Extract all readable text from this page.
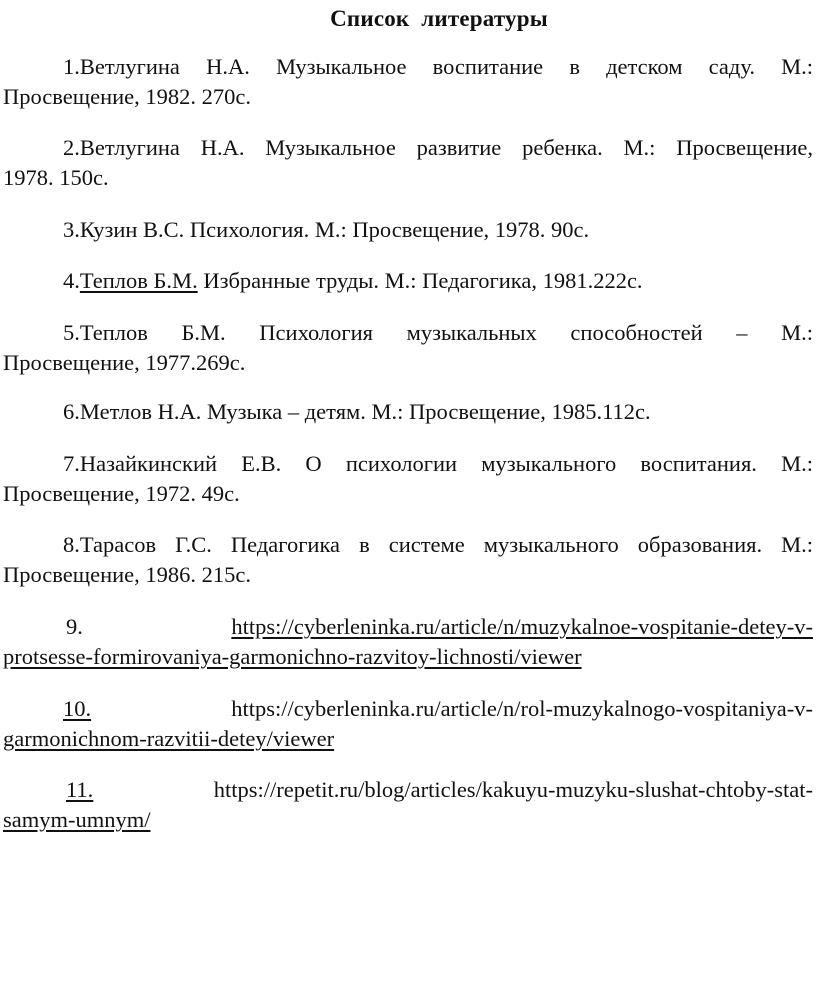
Список  литературы
1.Ветлугина Н.А. Музыкальное воспитание в детском саду. М.:
Просвещение, 1982. 270с.
2.Ветлугина Н.А. Музыкальное развитие ребенка. М.: Просвещение,
1978. 150с.
3.Кузин В.С. Психология. М.: Просвещение, 1978. 90с.
4.Теплов Б.М. Избранные труды. М.: Педагогика, 1981.222с.
5.Теплов Б.М. Психология музыкальных способностей – М.:
Просвещение, 1977.269с.
6.Метлов Н.А. Музыка – детям. М.: Просвещение, 1985.112с.
7.Назайкинский Е.В. О психологии музыкального воспитания. М.:
Просвещение, 1972. 49с.
8.Тарасов Г.С. Педагогика в системе музыкального образования. М.:
Просвещение, 1986. 215с.
9.	https://cyberleninka.ru/article/n/muzykalnoe-vospitanie-detey-v-
protsesse-formirovaniya-garmonichno-razvitoy-lichnosti/viewer
10.	https://cyberleninka.ru/article/n/rol-muzykalnogo-vospitaniya-v-
garmonichnom-razvitii-detey/viewer
11.	https://repetit.ru/blog/articles/kakuyu-muzyku-slushat-chtoby-stat-
samym-umnym/
